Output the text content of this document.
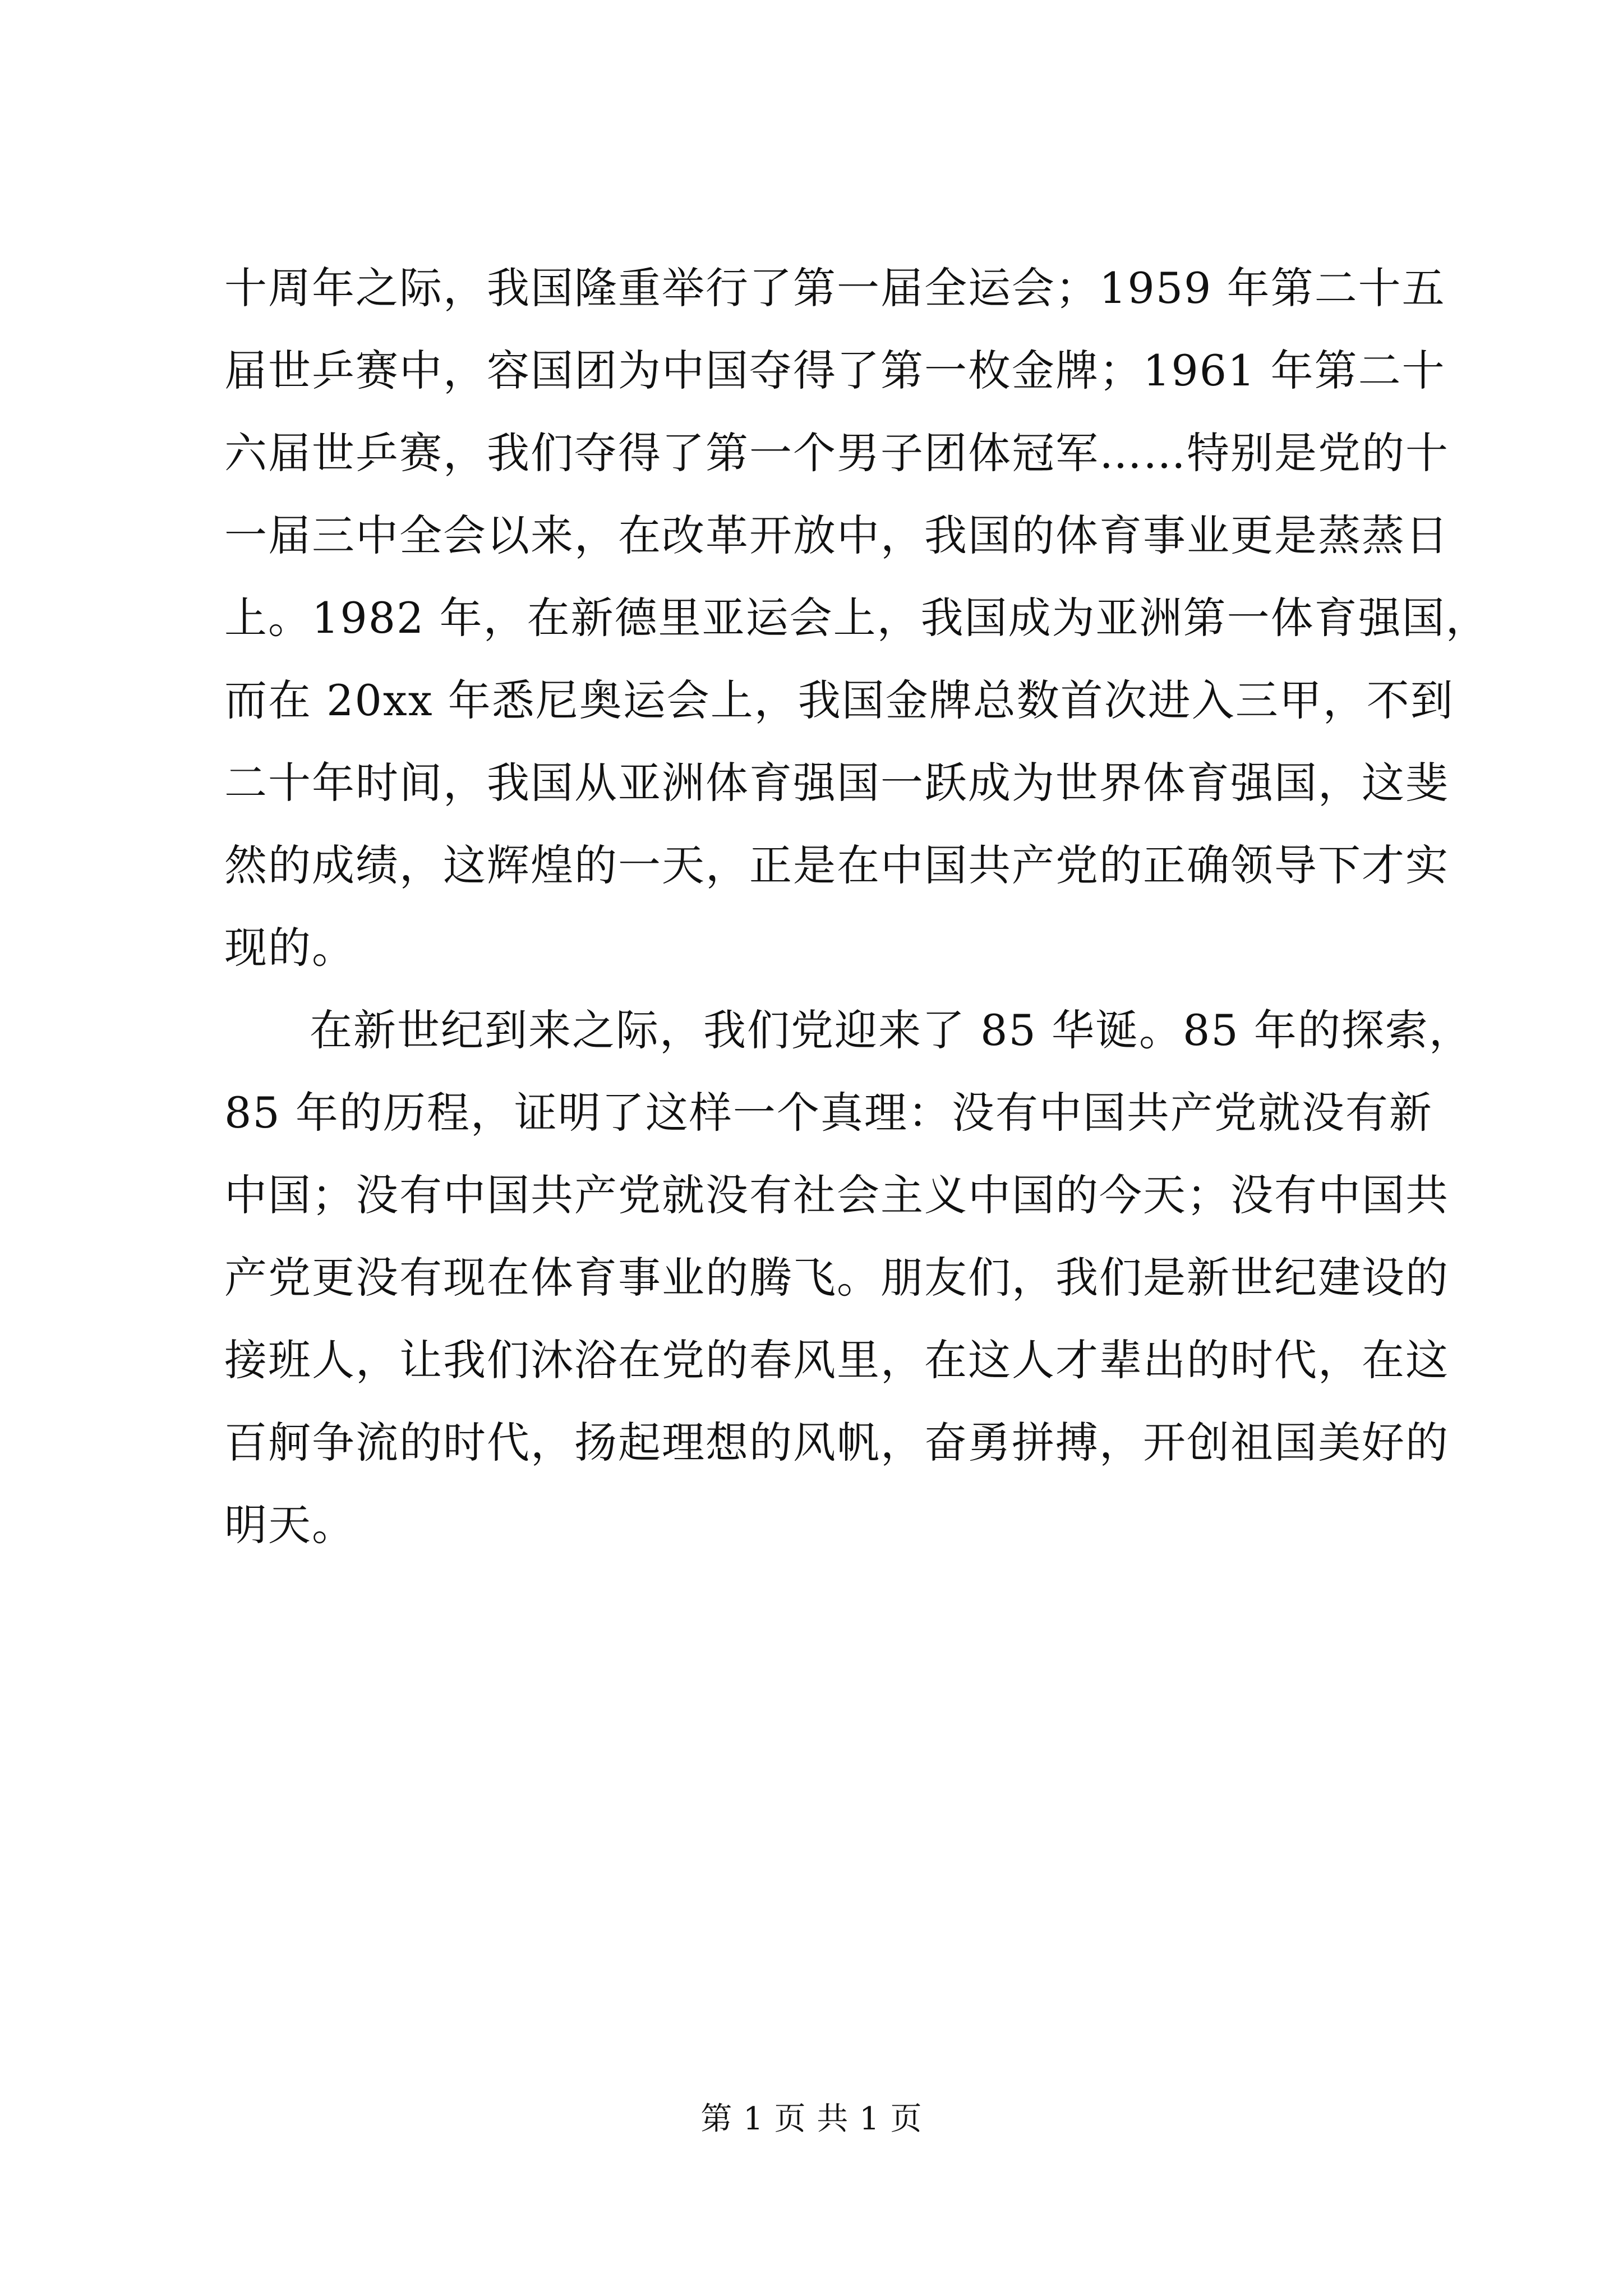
十周年之际，我国隆重举行了第一届全运会；1959 年第二十五
届世乒赛中，容国团为中国夺得了第一枚金牌；1961 年第二十
六届世乒赛，我们夺得了第一个男子团体冠军……特别是党的十
一届三中全会以来，在改革开放中，我国的体育事业更是蒸蒸日
上。1982 年，在新德里亚运会上，我国成为亚洲第一体育强国，
而在 20xx 年悉尼奥运会上，我国金牌总数首次进入三甲，不到
二十年时间，我国从亚洲体育强国一跃成为世界体育强国，这斐
然的成绩，这辉煌的一天，正是在中国共产党的正确领导下才实
现的。
在新世纪到来之际，我们党迎来了 85 华诞。85 年的探索，
85 年的历程，证明了这样一个真理：没有中国共产党就没有新
中国；没有中国共产党就没有社会主义中国的今天；没有中国共
产党更没有现在体育事业的腾飞。朋友们，我们是新世纪建设的
接班人，让我们沐浴在党的春风里，在这人才辈出的时代，在这
百舸争流的时代，扬起理想的风帆，奋勇拼搏，开创祖国美好的
明天。
第 1 页 共 1 页
